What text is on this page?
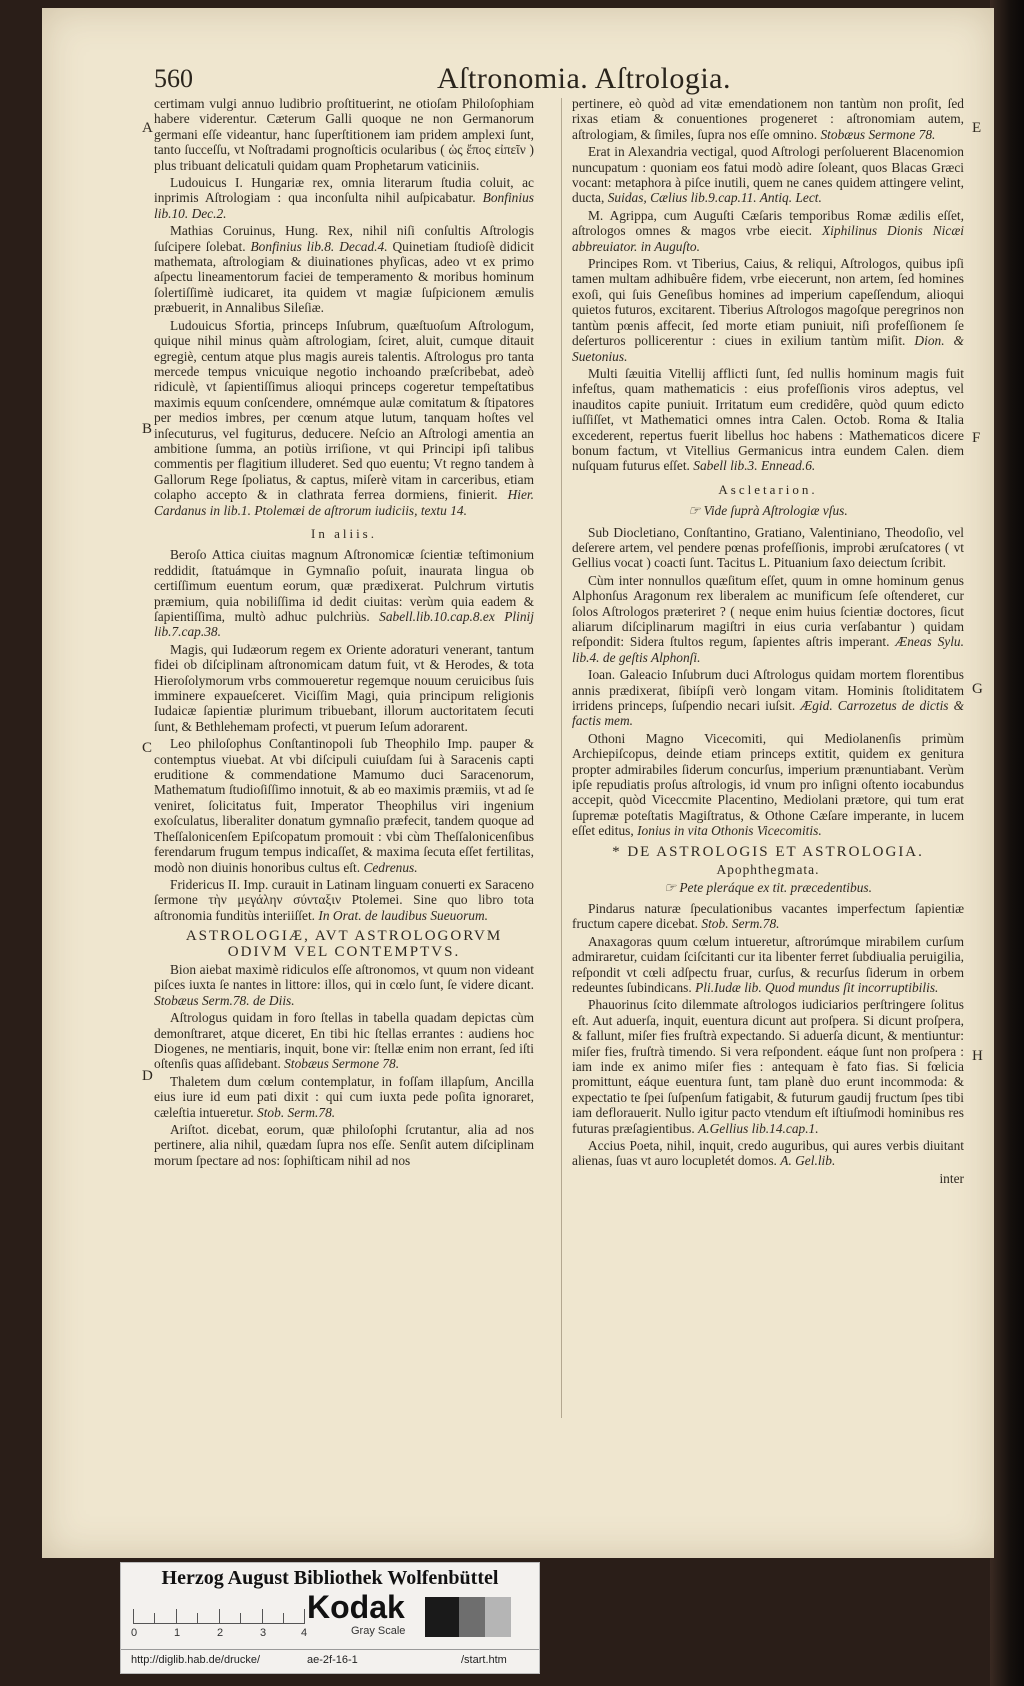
560	Aſtronomia. Aſtrologia.
A
B
C
D
E
F
G
H

certimam vulgi annuo ludibrio proſtituerint, ne otioſam Philoſophiam habere viderentur. Cæterum Galli quoque ne non Germanorum germani eſſe videantur, hanc ſuperſtitionem iam pridem amplexi ſunt, tanto ſucceſſu, vt Noſtradami prognoſticis ocularibus ( ὡς ἔπος εἰπεῖν ) plus tribuant delicatuli quidam quam Prophetarum vaticiniis.

Ludouicus I. Hungariæ rex, omnia literarum ſtudia coluit, ac inprimis Aſtrologiam : qua inconſulta nihil auſpicabatur. Bonfinius lib.10. Dec.2.

Mathias Coruinus, Hung. Rex, nihil niſi conſultis Aſtrologis ſuſcipere ſolebat. Bonfinius lib.8. Decad.4. Quinetiam ſtudioſè didicit mathemata, aſtrologiam & diuinationes phyſicas, adeo vt ex primo aſpectu lineamentorum faciei de temperamento & moribus hominum ſolertiſſimè iudicaret, ita quidem vt magiæ ſuſpicionem æmulis præbuerit, in Annalibus Sileſiæ.

Ludouicus Sfortia, princeps Inſubrum, quæſtuoſum Aſtrologum, quique nihil minus quàm aſtrologiam, ſciret, aluit, cumque ditauit egregiè, centum atque plus magis aureis talentis. Aſtrologus pro tanta mercede tempus vnicuique negotio inchoando præſcribebat, adeò ridiculè, vt ſapientiſſimus alioqui princeps cogeretur tempeſtatibus maximis equum conſcendere, omnémque aulæ comitatum & ſtipatores per medios imbres, per cœnum atque lutum, tanquam hoſtes vel inſecuturus, vel fugiturus, deducere. Neſcio an Aſtrologi amentia an ambitione ſumma, an potiùs irriſione, vt qui Principi ipſi talibus commentis per flagitium illuderet. Sed quo euentu; Vt regno tandem à Gallorum Rege ſpoliatus, & captus, miſerè vitam in carceribus, etiam colapho accepto & in clathrata ferrea dormiens, finierit. Hier. Cardanus in lib.1. Ptolemæi de aſtrorum iudiciis, textu 14.

In aliis.

Beroſo Attica ciuitas magnum Aſtronomicæ ſcientiæ teſtimonium reddidit, ſtatuámque in Gymnaſio poſuit, inaurata lingua ob certiſſimum euentum eorum, quæ prædixerat. Pulchrum virtutis præmium, quia nobiliſſima id dedit ciuitas: verùm quia eadem & ſapientiſſima, multò adhuc pulchriùs. Sabell.lib.10.cap.8.ex Plinij lib.7.cap.38.

Magis, qui Iudæorum regem ex Oriente adoraturi venerant, tantum fidei ob diſciplinam aſtronomicam datum fuit, vt & Herodes, & tota Hieroſolymorum vrbs commoueretur regemque nouum ceruicibus ſuis imminere expaueſceret. Viciſſim Magi, quia principum religionis Iudaicæ ſapientiæ plurimum tribuebant, illorum auctoritatem ſecuti ſunt, & Bethlehemam profecti, vt puerum Ieſum adorarent.

Leo philoſophus Conſtantinopoli ſub Theophilo Imp. pauper & contemptus viuebat. At vbi diſcipuli cuiuſdam ſui à Saracenis capti eruditione & commendatione Mamumo duci Saracenorum, Mathematum ſtudioſiſſimo innotuit, & ab eo maximis præmiis, vt ad ſe veniret, ſolicitatus fuit, Imperator Theophilus viri ingenium exoſculatus, liberaliter donatum gymnaſio præfecit, tandem quoque ad Theſſalonicenſem Epiſcopatum promouit : vbi cùm Theſſalonicenſibus ferendarum frugum tempus indicaſſet, & maxima ſecuta eſſet fertilitas, modò non diuinis honoribus cultus eſt. Cedrenus.

Fridericus II. Imp. curauit in Latinam linguam conuerti ex Saraceno ſermone τὴν μεγάλην σύνταξιν Ptolemei. Sine quo libro tota aſtronomia funditùs interiiſſet. In Orat. de laudibus Sueuorum.

ASTROLOGIÆ, AVT ASTROLOGORVM ODIVM VEL CONTEMPTVS.

Bion aiebat maximè ridiculos eſſe aſtronomos, vt quum non videant piſces iuxta ſe nantes in littore: illos, qui in cœlo ſunt, ſe videre dicant. Stobæus Serm.78. de Diis.

Aſtrologus quidam in foro ſtellas in tabella quadam depictas cùm demonſtraret, atque diceret, En tibi hic ſtellas errantes : audiens hoc Diogenes, ne mentiaris, inquit, bone vir: ſtellæ enim non errant, ſed iſti oſtenſis quas aſſidebant. Stobæus Sermone 78.

Thaletem dum cœlum contemplatur, in foſſam illapſum, Ancilla eius iure id eum pati dixit : qui cum iuxta pede poſita ignoraret, cæleſtia intueretur. Stob. Serm.78.

Ariſtot. dicebat, eorum, quæ philoſophi ſcrutantur, alia ad nos pertinere, alia nihil, quædam ſupra nos eſſe. Senſit autem diſciplinam morum ſpectare ad nos: ſophiſticam nihil ad nos

pertinere, eò quòd ad vitæ emendationem non tantùm non proſit, ſed rixas etiam & conuentiones progeneret : aſtronomiam autem, aſtrologiam, & ſimiles, ſupra nos eſſe omnino. Stobæus Sermone 78.

Erat in Alexandria vectigal, quod Aſtrologi perſoluerent Blacenomion nuncupatum : quoniam eos fatui modò adire ſoleant, quos Blacas Græci vocant: metaphora à piſce inutili, quem ne canes quidem attingere velint, ducta, Suidas, Cælius lib.9.cap.11. Antiq. Lect.

M. Agrippa, cum Auguſti Cæſaris temporibus Romæ ædilis eſſet, aſtrologos omnes & magos vrbe eiecit. Xiphilinus Dionis Nicæi abbreuiator. in Auguſto.

Principes Rom. vt Tiberius, Caius, & reliqui, Aſtrologos, quibus ipſi tamen multam adhibuêre fidem, vrbe eiecerunt, non artem, ſed homines exoſi, qui ſuis Geneſibus homines ad imperium capeſſendum, alioqui quietos futuros, excitarent. Tiberius Aſtrologos magoſque peregrinos non tantùm pœnis affecit, ſed morte etiam puniuit, niſi profeſſionem ſe deſerturos pollicerentur : ciues in exilium tantùm miſit. Dion. & Suetonius.

Multi ſæuitia Vitellij afflicti ſunt, ſed nullis hominum magis fuit infeſtus, quam mathematicis : eius profeſſionis viros adeptus, vel inauditos capite puniuit. Irritatum eum credidêre, quòd quum edicto iuſſiſſet, vt Mathematici omnes intra Calen. Octob. Roma & Italia excederent, repertus fuerit libellus hoc habens : Mathematicos dicere bonum factum, vt Vitellius Germanicus intra eundem Calen. diem nuſquam futurus eſſet. Sabell lib.3. Ennead.6.

Ascletarion.
☞ Vide ſuprà Aſtrologiæ vſus.

Sub Diocletiano, Conſtantino, Gratiano, Valentiniano, Theodoſio, vel deſerere artem, vel pendere pœnas profeſſionis, improbi æruſcatores ( vt Gellius vocat ) coacti ſunt. Tacitus L. Pituanium ſaxo deiectum ſcribit.

Cùm inter nonnullos quæſitum eſſet, quum in omne hominum genus Alphonſus Aragonum rex liberalem ac munificum ſeſe oſtenderet, cur ſolos Aſtrologos præteriret ? ( neque enim huius ſcientiæ doctores, ſicut aliarum diſciplinarum magiſtri in eius curia verſabantur ) quidam reſpondit: Sidera ſtultos regum, ſapientes aſtris imperant. Æneas Sylu. lib.4. de geſtis Alphonſi.

Ioan. Galeacio Inſubrum duci Aſtrologus quidam mortem florentibus annis prædixerat, ſibiípſi verò longam vitam. Hominis ſtoliditatem irridens princeps, ſuſpendio necari iuſsit. Ægid. Carrozetus de dictis & factis mem.

Othoni Magno Vicecomiti, qui Mediolanenſis primùm Archiepiſcopus, deinde etiam princeps extitit, quidem ex genitura propter admirabiles ſiderum concurſus, imperium prænuntiabant. Verùm ipſe repudiatis proſus aſtrologis, id vnum pro inſigni oſtento iocabundus accepit, quòd Viceccmite Placentino, Mediolani prætore, qui tum erat ſupremæ poteſtatis Magiſtratus, & Othone Cæſare imperante, in lucem eſſet editus, Ionius in vita Othonis Vicecomitis.

* DE ASTROLOGIS ET ASTROLOGIA.
Apophthegmata.
☞ Pete pleráque ex tit. præcedentibus.

Pindarus naturæ ſpeculationibus vacantes imperfectum ſapientiæ fructum capere dicebat. Stob. Serm.78.

Anaxagoras quum cœlum intueretur, aſtrorúmque mirabilem curſum admiraretur, cuidam ſciſcitanti cur ita libenter ferret ſubdiualia peruigilia, reſpondit vt cœli adſpectu fruar, curſus, & recurſus ſiderum in orbem redeuntes ſubindicans. Pli.Iudæ lib. Quod mundus ſit incorruptibilis.

Phauorinus ſcito dilemmate aſtrologos iudiciarios perſtringere ſolitus eſt. Aut aduerſa, inquit, euentura dicunt aut proſpera. Si dicunt proſpera, & fallunt, miſer fies fruſtrà expectando. Si aduerſa dicunt, & mentiuntur: miſer fies, fruſtrà timendo. Si vera reſpondent. eáque ſunt non proſpera : iam inde ex animo miſer fies : antequam è fato fias. Si fœlicia promittunt, eáque euentura ſunt, tam planè duo erunt incommoda: & expectatio te ſpei ſuſpenſum fatigabit, & futurum gaudij fructum ſpes tibi iam deflorauerit. Nullo igitur pacto vtendum eſt iſtiuſmodi hominibus res futuras præſagientibus. A.Gellius lib.14.cap.1.

Accius Poeta, nihil, inquit, credo auguribus, qui aures verbis diuitant alienas, ſuas vt auro locupletét domos. A. Gel.lib.

inter
Herzog August Bibliothek Wolfenbüttel
0	1	2	3	4
Kodak
Gray Scale
http://diglib.hab.de/drucke/	ae-2f-16-1	/start.htm
